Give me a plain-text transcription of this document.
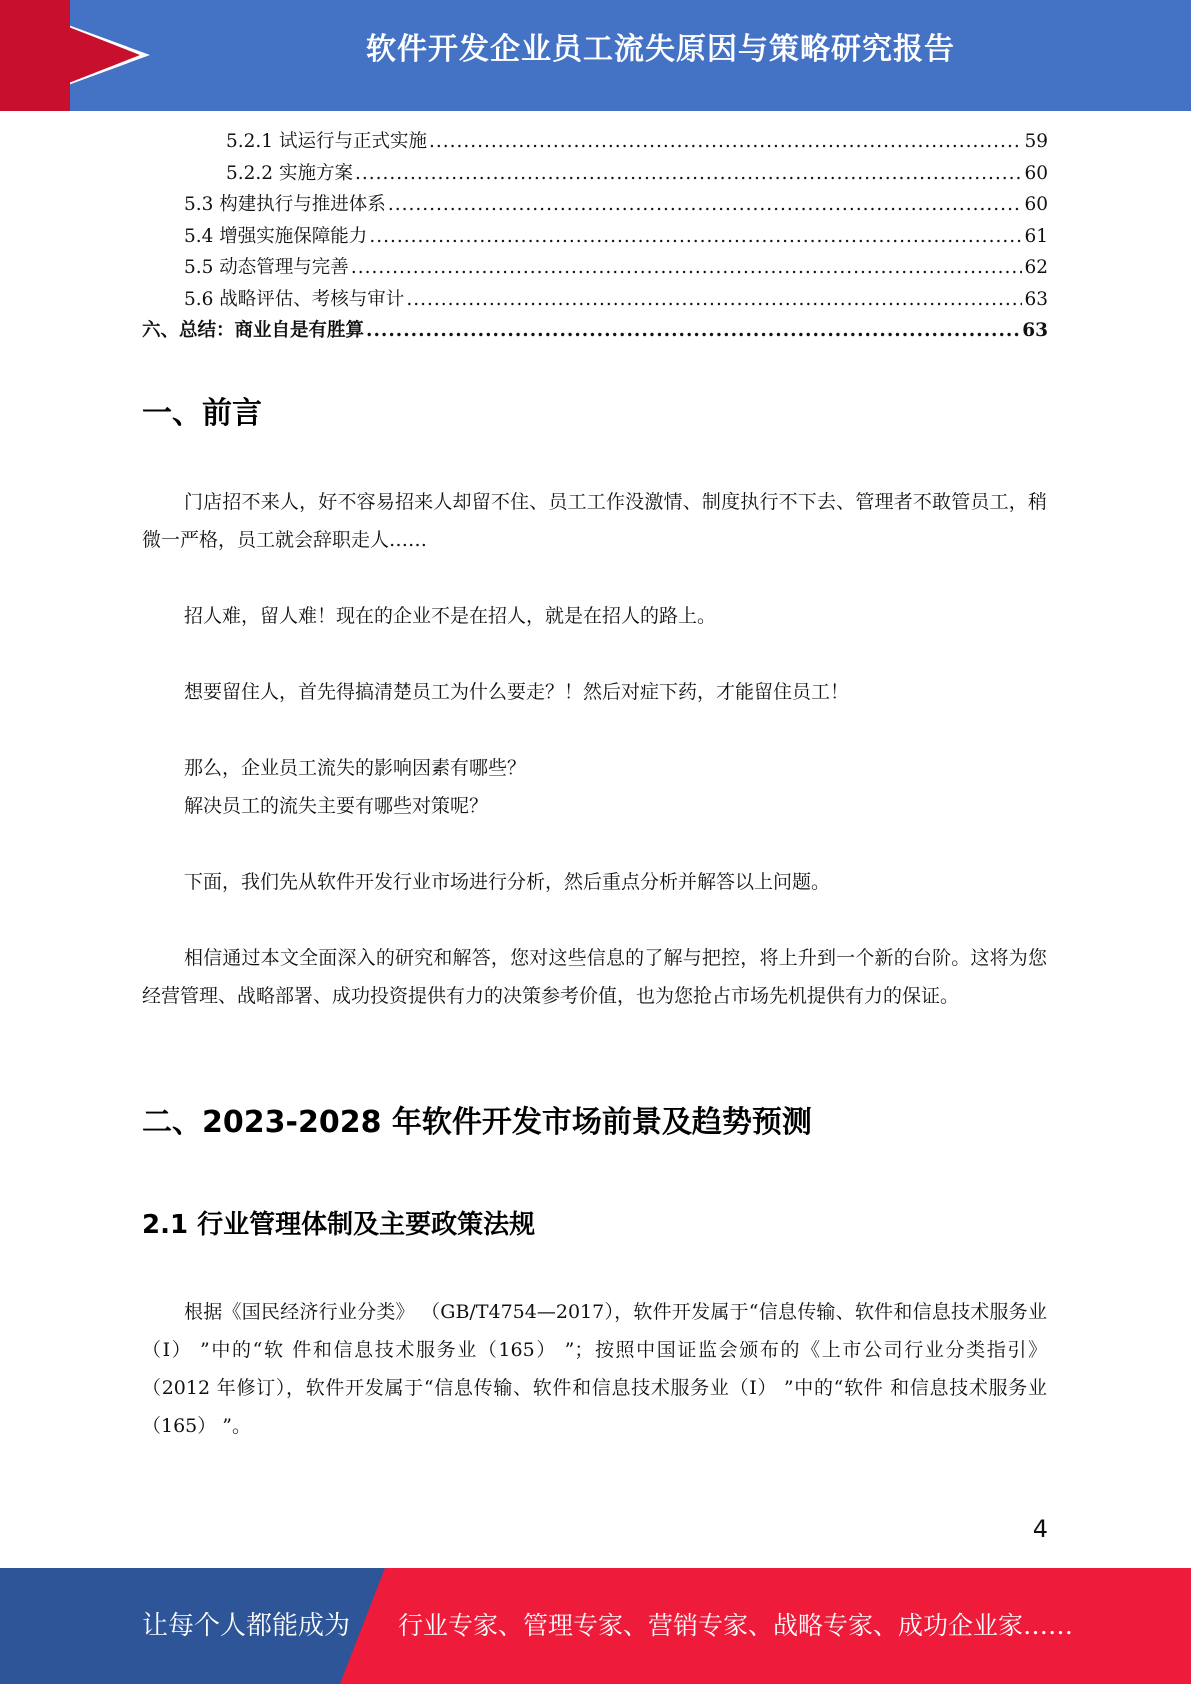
软件开发企业员工流失原因与策略研究报告
5.2.1 试运行与正式实施 .....	59
5.2.2 实施方案 .....	60
5.3 构建执行与推进体系 .....	60
5.4 增强实施保障能力 .....	61
5.5 动态管理与完善 .....	62
5.6 战略评估、考核与审计 .....	63
六、总结：商业自是有胜算 .....	63
一、前言

门店招不来人，好不容易招来人却留不住、员工工作没激情、制度执行不下去、管理者不敢管员工，稍微一严格，员工就会辞职走人……

招人难，留人难！现在的企业不是在招人，就是在招人的路上。

想要留住人，首先得搞清楚员工为什么要走？！然后对症下药，才能留住员工！

那么，企业员工流失的影响因素有哪些？

解决员工的流失主要有哪些对策呢？

下面，我们先从软件开发行业市场进行分析，然后重点分析并解答以上问题。

相信通过本文全面深入的研究和解答，您对这些信息的了解与把控，将上升到一个新的台阶。这将为您经营管理、战略部署、成功投资提供有力的决策参考价值，也为您抢占市场先机提供有力的保证。

二、2023-2028 年软件开发市场前景及趋势预测
2.1 行业管理体制及主要政策法规

根据《国民经济行业分类》 （GB/T4754—2017），软件开发属于“信息传输、软件和信息技术服务业（I） ”中的“软 件和信息技术服务业（165） ”；按照中国证监会颁布的《上市公司行业分类指引》 （2012 年修订），软件开发属于“信息传输、软件和信息技术服务业（I） ”中的“软件 和信息技术服务业（165） ”。

4
让每个人都能成为 行业专家、管理专家、营销专家、战略专家、成功企业家……
